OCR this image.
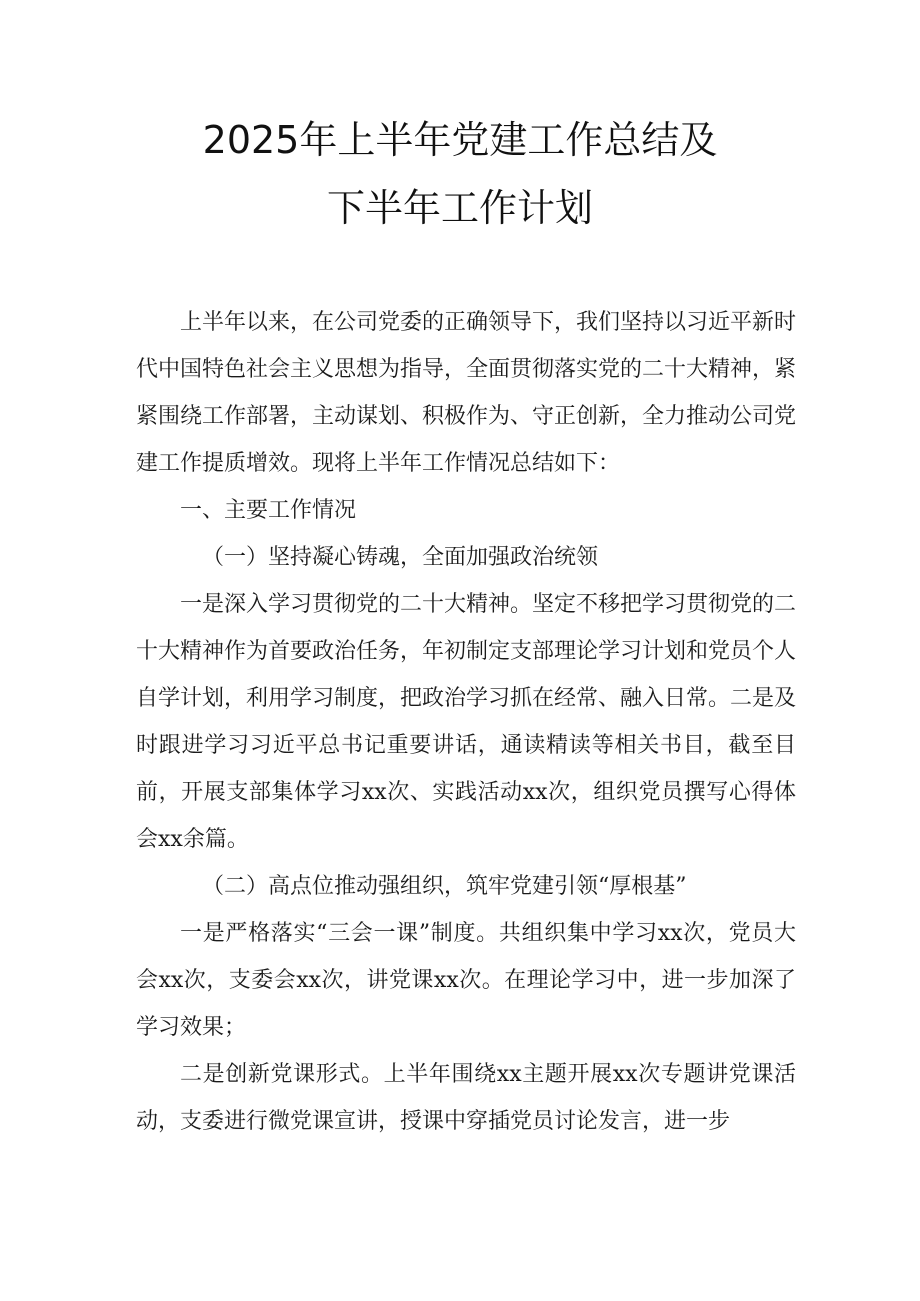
2025年上半年党建工作总结及
下半年工作计划

上半年以来，在公司党委的正确领导下，我们坚持以习近平新时代中国特色社会主义思想为指导，全面贯彻落实党的二十大精神，紧紧围绕工作部署，主动谋划、积极作为、守正创新，全力推动公司党建工作提质增效。现将上半年工作情况总结如下：

一、主要工作情况

（一）坚持凝心铸魂，全面加强政治统领

一是深入学习贯彻党的二十大精神。坚定不移把学习贯彻党的二十大精神作为首要政治任务，年初制定支部理论学习计划和党员个人自学计划，利用学习制度，把政治学习抓在经常、融入日常。二是及时跟进学习习近平总书记重要讲话，通读精读等相关书目，截至目前，开展支部集体学习xx次、实践活动xx次，组织党员撰写心得体会xx余篇。

（二）高点位推动强组织，筑牢党建引领“厚根基”

一是严格落实“三会一课”制度。共组织集中学习xx次，党员大会xx次，支委会xx次，讲党课xx次。在理论学习中，进一步加深了学习效果；

二是创新党课形式。上半年围绕xx主题开展xx次专题讲党课活动，支委进行微党课宣讲，授课中穿插党员讨论发言，进一步
